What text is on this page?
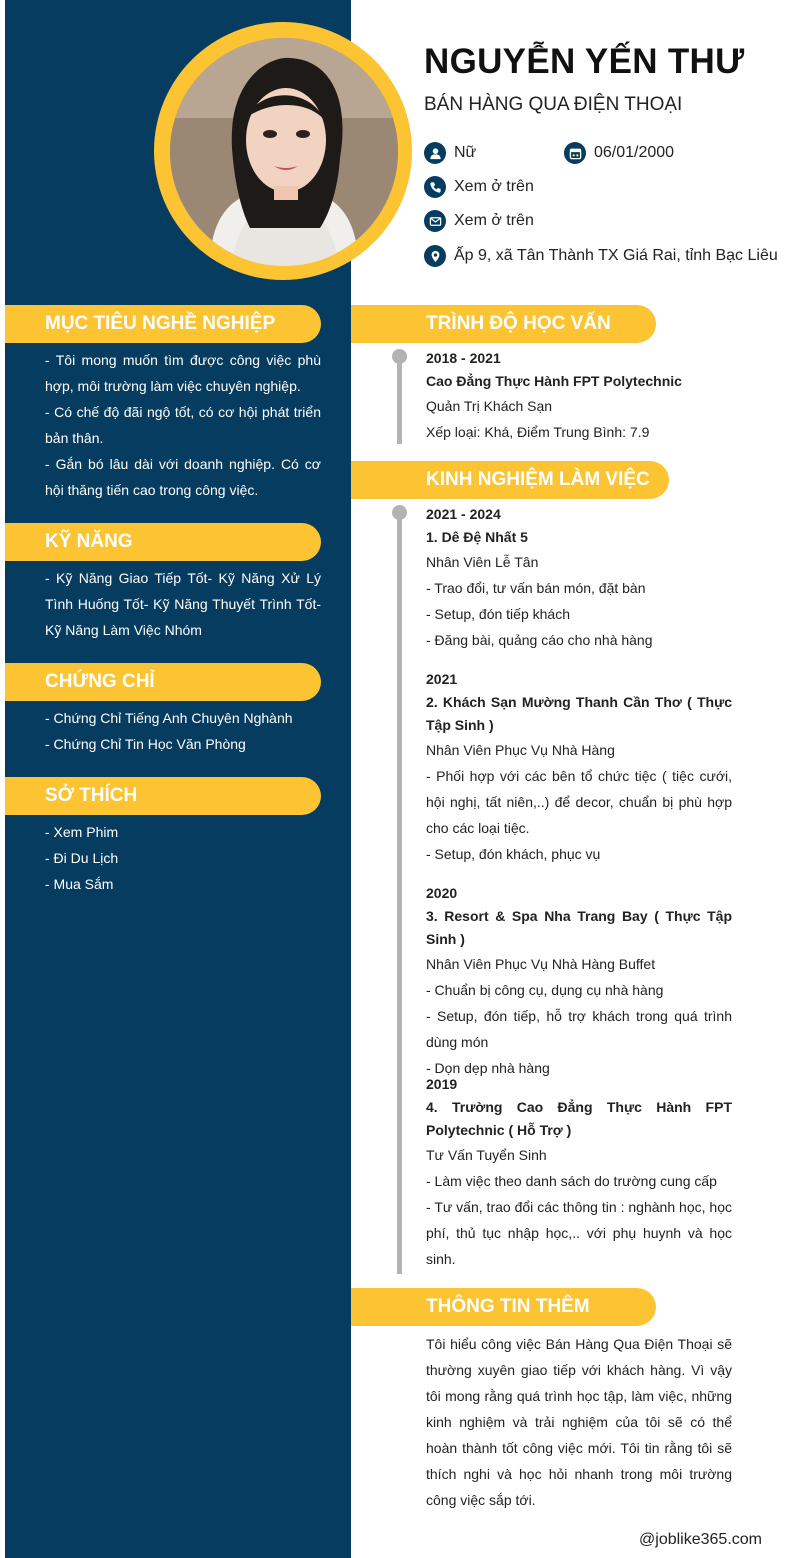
MỤC TIÊU NGHỀ NGHIỆP

- Tôi mong muốn tìm được công việc phù hợp, môi trường làm việc chuyên nghiệp.

- Có chế độ đãi ngộ tốt, có cơ hội phát triển bản thân.

- Gắn bó lâu dài với doanh nghiệp. Có cơ hội thăng tiến cao trong công việc.

KỸ NĂNG

- Kỹ Năng Giao Tiếp Tốt- Kỹ Năng Xử Lý Tình Huống Tốt- Kỹ Năng Thuyết Trình Tốt- Kỹ Năng Làm Việc Nhóm

CHỨNG CHỈ

- Chứng Chỉ Tiếng Anh Chuyên Nghành

- Chứng Chỉ Tin Học Văn Phòng

SỞ THÍCH

- Xem Phim

- Đi Du Lịch

- Mua Sắm

NGUYỄN YẾN THƯ
BÁN HÀNG QUA ĐIỆN THOẠI
Nữ	06/01/2000
Xem ở trên
Xem ở trên
Ấp 9, xã Tân Thành TX Giá Rai, tỉnh Bạc Liêu
TRÌNH ĐỘ HỌC VẤN

2018 - 2021

Cao Đẳng Thực Hành FPT Polytechnic

Quản Trị Khách Sạn

Xếp loại: Khá, Điểm Trung Bình: 7.9

KINH NGHIỆM LÀM VIỆC

2021 - 2024

1. Dê Đệ Nhất 5

Nhân Viên Lễ Tân

- Trao đổi, tư vấn bán món, đặt bàn

- Setup, đón tiếp khách

- Đăng bài, quảng cáo cho nhà hàng

2021

2. Khách Sạn Mường Thanh Cần Thơ ( Thực Tập Sinh )

Nhân Viên Phục Vụ Nhà Hàng

- Phối hợp với các bên tổ chức tiệc ( tiệc cưới, hội nghị, tất niên,..) để decor, chuẩn bị phù hợp cho các loại tiệc.

- Setup, đón khách, phục vụ

2020

3. Resort & Spa Nha Trang Bay ( Thực Tập Sinh )

Nhân Viên Phục Vụ Nhà Hàng Buffet

- Chuẩn bị công cụ, dụng cụ nhà hàng

- Setup, đón tiếp, hỗ trợ khách trong quá trình dùng món

- Dọn dẹp nhà hàng

2019

4. Trường Cao Đẳng Thực Hành FPT Polytechnic ( Hỗ Trợ )

Tư Vấn Tuyển Sinh

- Làm việc theo danh sách do trường cung cấp

- Tư vấn, trao đổi các thông tin : nghành học, học phí, thủ tục nhập học,.. với phụ huynh và học sinh.

THÔNG TIN THÊM
Tôi hiểu công việc Bán Hàng Qua Điện Thoại sẽ thường xuyên giao tiếp với khách hàng. Vì vậy tôi mong rằng quá trình học tập, làm việc, những kinh nghiệm và trải nghiệm của tôi sẽ có thể hoàn thành tốt công việc mới. Tôi tin rằng tôi sẽ thích nghi và học hỏi nhanh trong môi trường công việc sắp tới.
@joblike365.com
